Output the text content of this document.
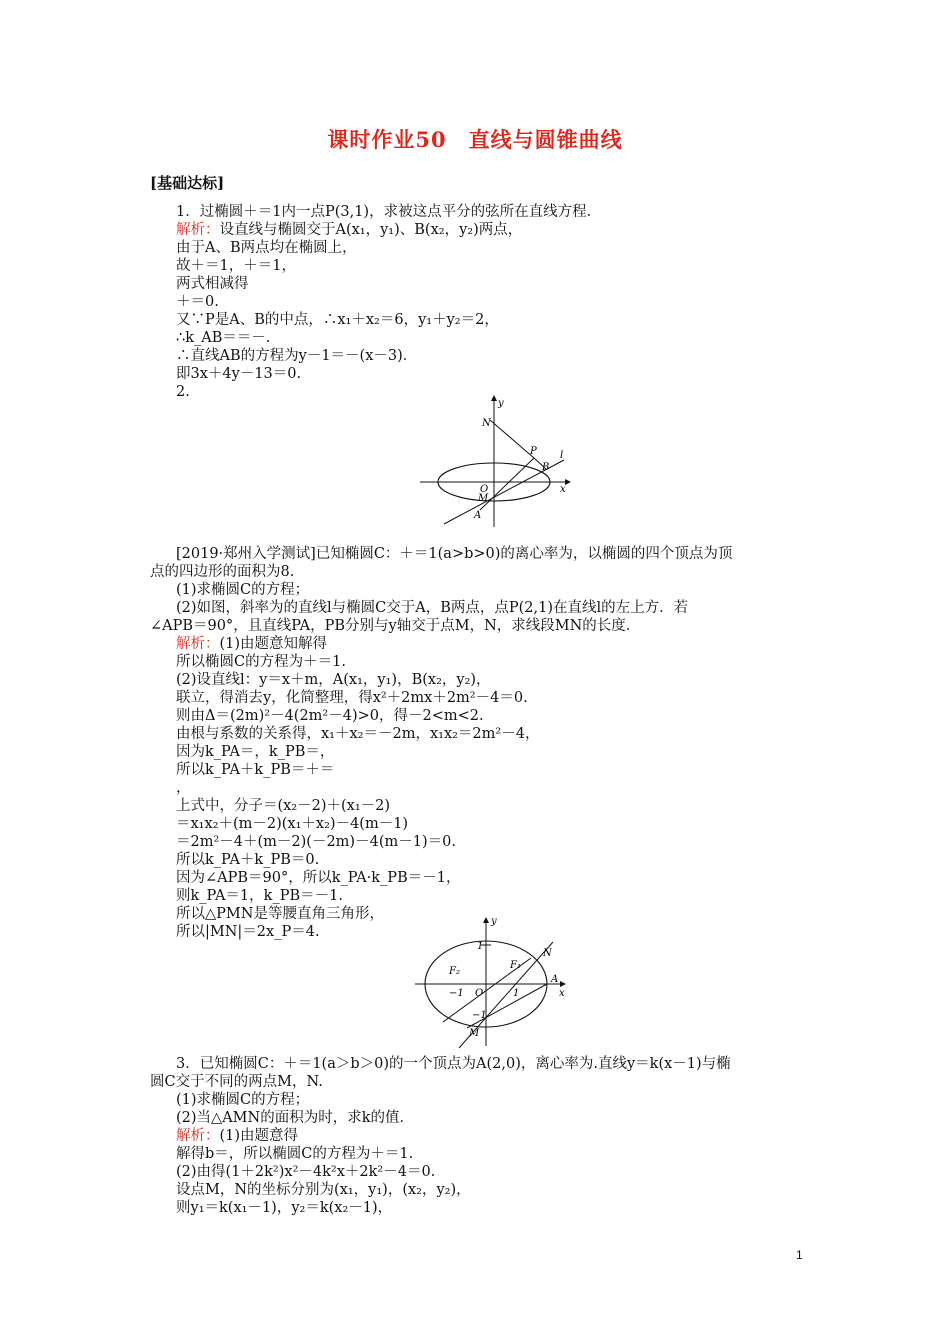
课时作业50　直线与圆锥曲线
[基础达标]
1．过椭圆＋＝1内一点P(3,1)，求被这点平分的弦所在直线方程．
解析：设直线与椭圆交于A(x₁，y₁)、B(x₂，y₂)两点，
由于A、B两点均在椭圆上，
故＋＝1，＋＝1，
两式相减得
＋＝0.
又∵P是A、B的中点，∴x₁＋x₂＝6，y₁＋y₂＝2，
∴k_AB＝＝－.
∴直线AB的方程为y－1＝－(x－3)．
即3x＋4y－13＝0.
2.
y
N
P
B
l
O
M
A
x
[2019·郑州入学测试]已知椭圆C：＋＝1(a>b>0)的离心率为，以椭圆的四个顶点为顶
点的四边形的面积为8.
(1)求椭圆C的方程；
(2)如图，斜率为的直线l与椭圆C交于A，B两点，点P(2,1)在直线l的左上方．若
∠APB＝90°，且直线PA，PB分别与y轴交于点M，N，求线段MN的长度．
解析：(1)由题意知解得
所以椭圆C的方程为＋＝1.
(2)设直线l：y＝x＋m，A(x₁，y₁)，B(x₂，y₂)，
联立，得消去y，化简整理，得x²＋2mx＋2m²－4＝0.
则由Δ＝(2m)²－4(2m²－4)>0，得－2<m<2.
由根与系数的关系得，x₁＋x₂＝－2m，x₁x₂＝2m²－4，
因为k_PA＝，k_PB＝，
所以k_PA＋k_PB＝＋＝
，
上式中，分子＝(x₂－2)＋(x₁－2)
＝x₁x₂＋(m－2)(x₁＋x₂)－4(m－1)
＝2m²－4＋(m－2)(－2m)－4(m－1)＝0.
所以k_PA＋k_PB＝0.
因为∠APB＝90°，所以k_PA·k_PB＝－1，
则k_PA＝1，k_PB＝－1.
所以△PMN是等腰直角三角形，
所以|MN|＝2x_P＝4.
y
1
N
F₂
F₁
A
−1 O	1	x
−1
M
3．已知椭圆C：＋＝1(a＞b＞0)的一个顶点为A(2,0)，离心率为.直线y＝k(x－1)与椭
圆C交于不同的两点M，N.
(1)求椭圆C的方程；
(2)当△AMN的面积为时，求k的值．
解析：(1)由题意得
解得b＝，所以椭圆C的方程为＋＝1.
(2)由得(1＋2k²)x²－4k²x＋2k²－4＝0.
设点M，N的坐标分别为(x₁，y₁)，(x₂，y₂)，
则y₁＝k(x₁－1)，y₂＝k(x₂－1)，
1
